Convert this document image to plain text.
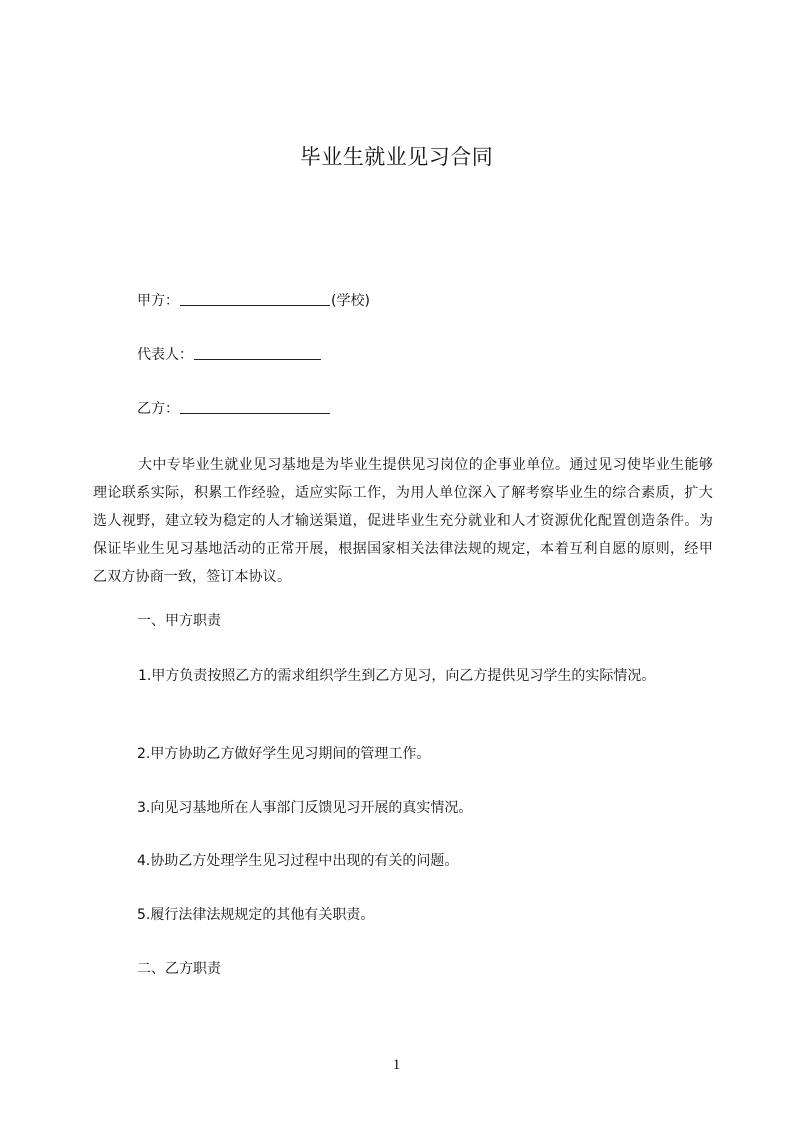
毕业生就业见习合同
甲方：	(学校)
代表人：
乙方：
大中专毕业生就业见习基地是为毕业生提供见习岗位的企事业单位。通过见习使毕业生能够理论联系实际，积累工作经验，适应实际工作，为用人单位深入了解考察毕业生的综合素质，扩大选人视野，建立较为稳定的人才输送渠道，促进毕业生充分就业和人才资源优化配置创造条件。为保证毕业生见习基地活动的正常开展，根据国家相关法律法规的规定，本着互利自愿的原则，经甲乙双方协商一致，签订本协议。
一、甲方职责
1.甲方负责按照乙方的需求组织学生到乙方见习，向乙方提供见习学生的实际情况。
2.甲方协助乙方做好学生见习期间的管理工作。
3.向见习基地所在人事部门反馈见习开展的真实情况。
4.协助乙方处理学生见习过程中出现的有关的问题。
5.履行法律法规规定的其他有关职责。
二、乙方职责
1
